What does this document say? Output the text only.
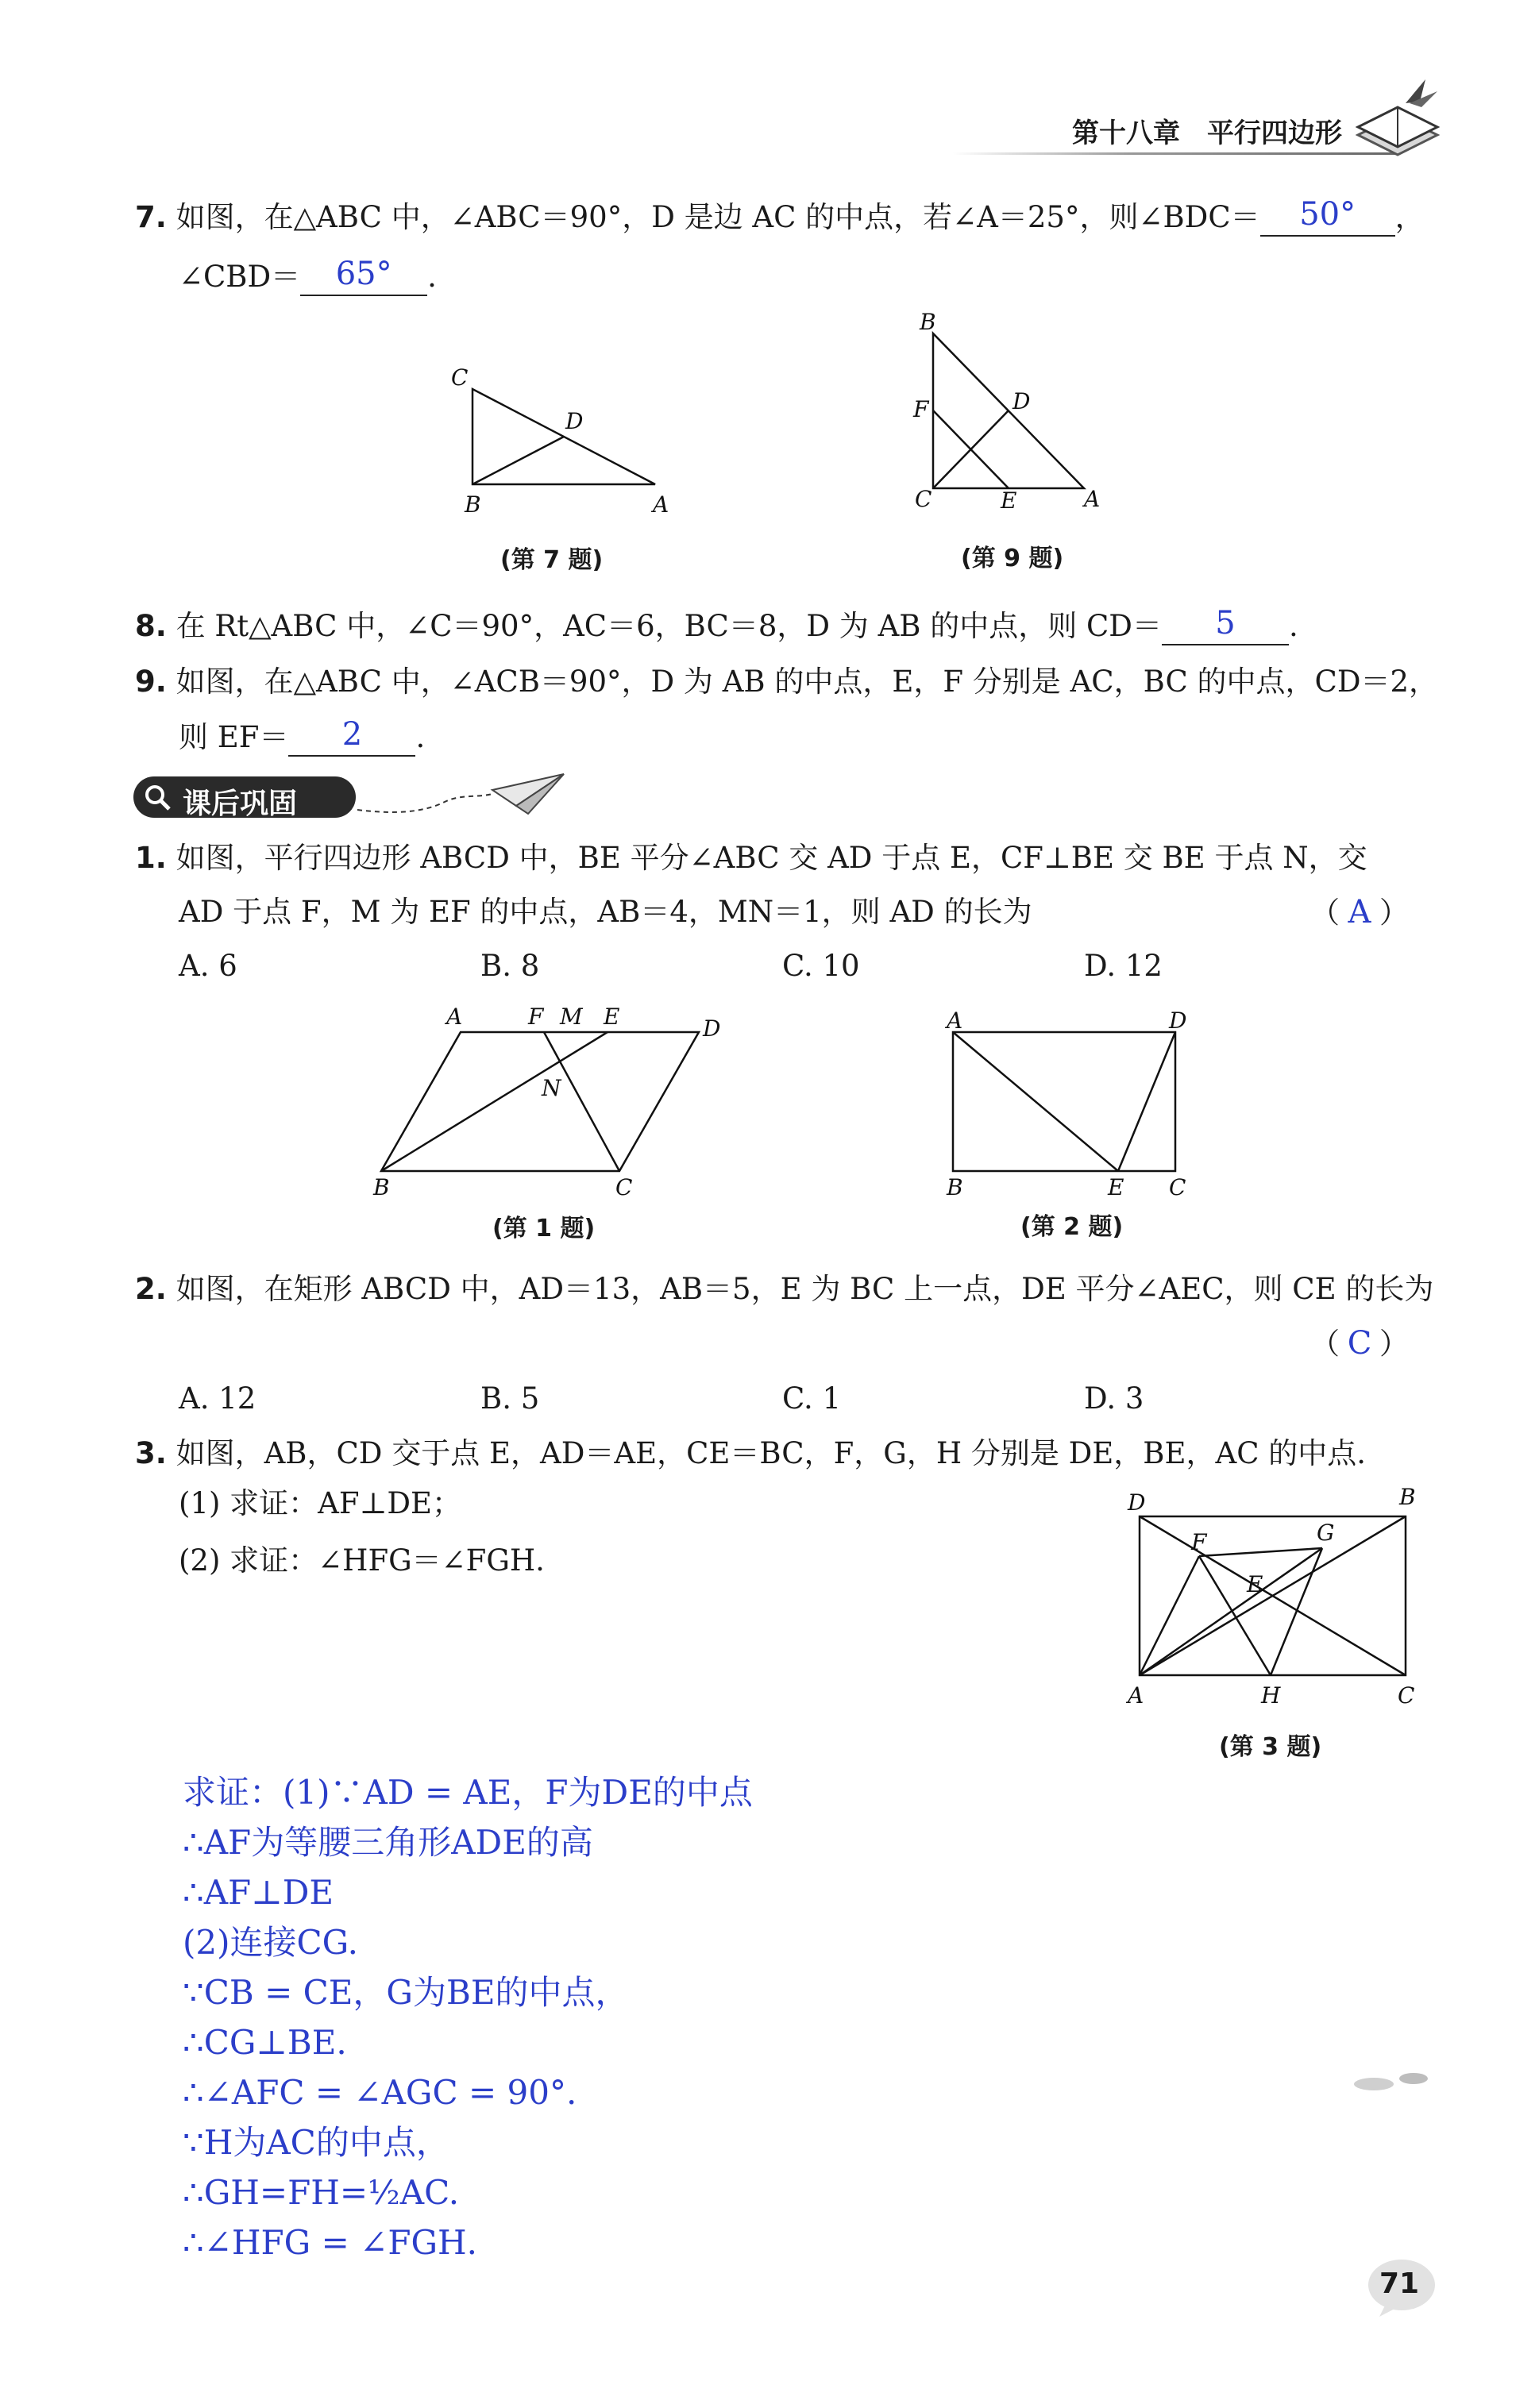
第十八章 平行四边形
7. 如图，在△ABC 中，∠ABC＝90°，D 是边 AC 的中点，若∠A＝25°，则∠BDC＝	50°	，
∠CBD＝	65°	.
C
D
B	A
(第 7 题)
B
F	D
C	E	A
(第 9 题)
8. 在 Rt△ABC 中，∠C＝90°，AC＝6，BC＝8，D 为 AB 的中点，则 CD＝	5	.
9. 如图，在△ABC 中，∠ACB＝90°，D 为 AB 的中点，E，F 分别是 AC，BC 的中点，CD＝2，
则 EF＝	2	.
课后巩固
1. 如图，平行四边形 ABCD 中，BE 平分∠ABC 交 AD 于点 E，CF⊥BE 交 BE 于点 N，交
AD 于点 F，M 为 EF 的中点，AB＝4，MN＝1，则 AD 的长为	（ A ）
A. 6	B. 8	C. 10	D. 12
A	F M E	D
N
B	C
(第 1 题)
A	D
B	E C
(第 2 题)
2. 如图，在矩形 ABCD 中，AD＝13，AB＝5，E 为 BC 上一点，DE 平分∠AEC，则 CE 的长为
（ C ）
A. 12	B. 5	C. 1	D. 3
3. 如图，AB，CD 交于点 E，AD＝AE，CE＝BC，F，G，H 分别是 DE，BE，AC 的中点.
(1) 求证：AF⊥DE；
(2) 求证：∠HFG＝∠FGH.
B
D
F	G
E
A	H	C
(第 3 题)
求证：(1)∵AD = AE，F为DE的中点
∴AF为等腰三角形ADE的高
∴AF⊥DE
(2)连接CG.
∵CB = CE，G为BE的中点，
∴CG⊥BE.
∴∠AFC = ∠AGC = 90°.
∵H为AC的中点，
∴GH=FH=½AC.
∴∠HFG = ∠FGH.
71
